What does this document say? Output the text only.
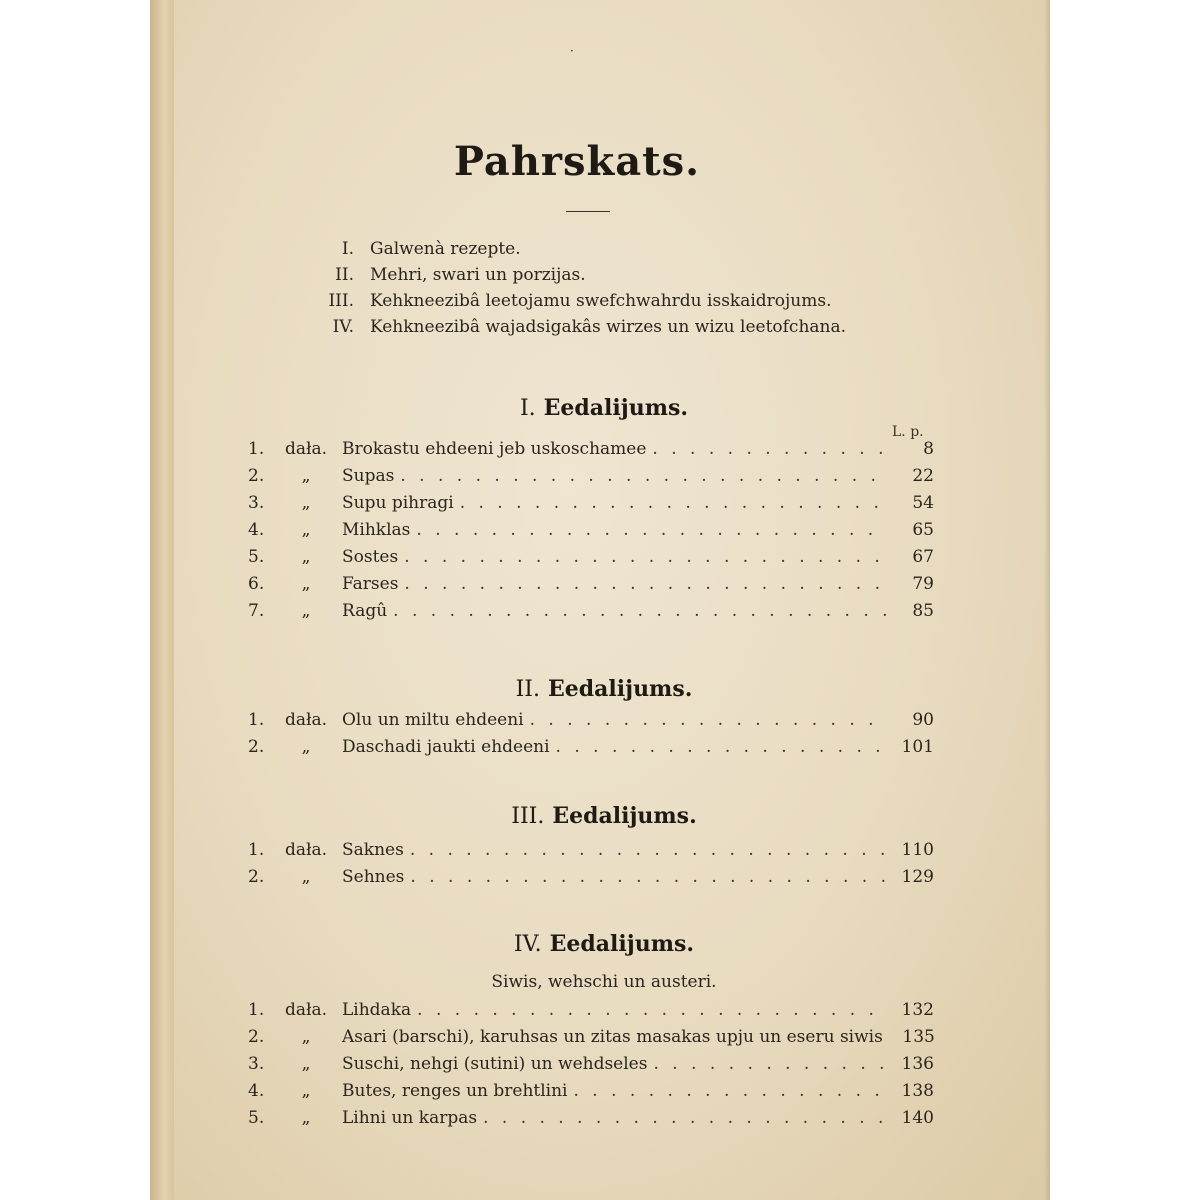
·
Pahrskats.
I. Galwenà rezepte.
II. Mehri, swari un porzijas.
III. Kehkneezibâ leetojamu swefchwahrdu isskaidrojums.
IV. Kehkneezibâ wajadsigakâs wirzes un wizu leetofchana.
I. Eedalijums.
L. p.
1.	dała. Brokastu ehdeeni jeb uskoschamee . . .	8
2.	„	Supas . . .	22
3.	„	Supu pihragi . . .	54
4.	„	Mihklas . . .	65
5.	„	Sostes . . .	67
6.	„	Farses . . .	79
7.	„	Ragû . . .	85
II. Eedalijums.
1.	dała. Olu un miltu ehdeeni . . .	90
2.	„	Daschadi jaukti ehdeeni . . .	101
III. Eedalijums.
1.	dała. Saknes . . .	110
2.	„	Sehnes . . .	129
IV. Eedalijums.
Siwis, wehschi un austeri.
1.	dała. Lihdaka . . .	132
2.	„	Asari (barschi), karuhsas un zitas masakas upju un eseru siwis	135
3.	„	Suschi, nehgi (sutini) un wehdseles . . .	136
4.	„	Butes, renges un brehtlini . . .	138
5.	„	Lihni un karpas . . .	140
